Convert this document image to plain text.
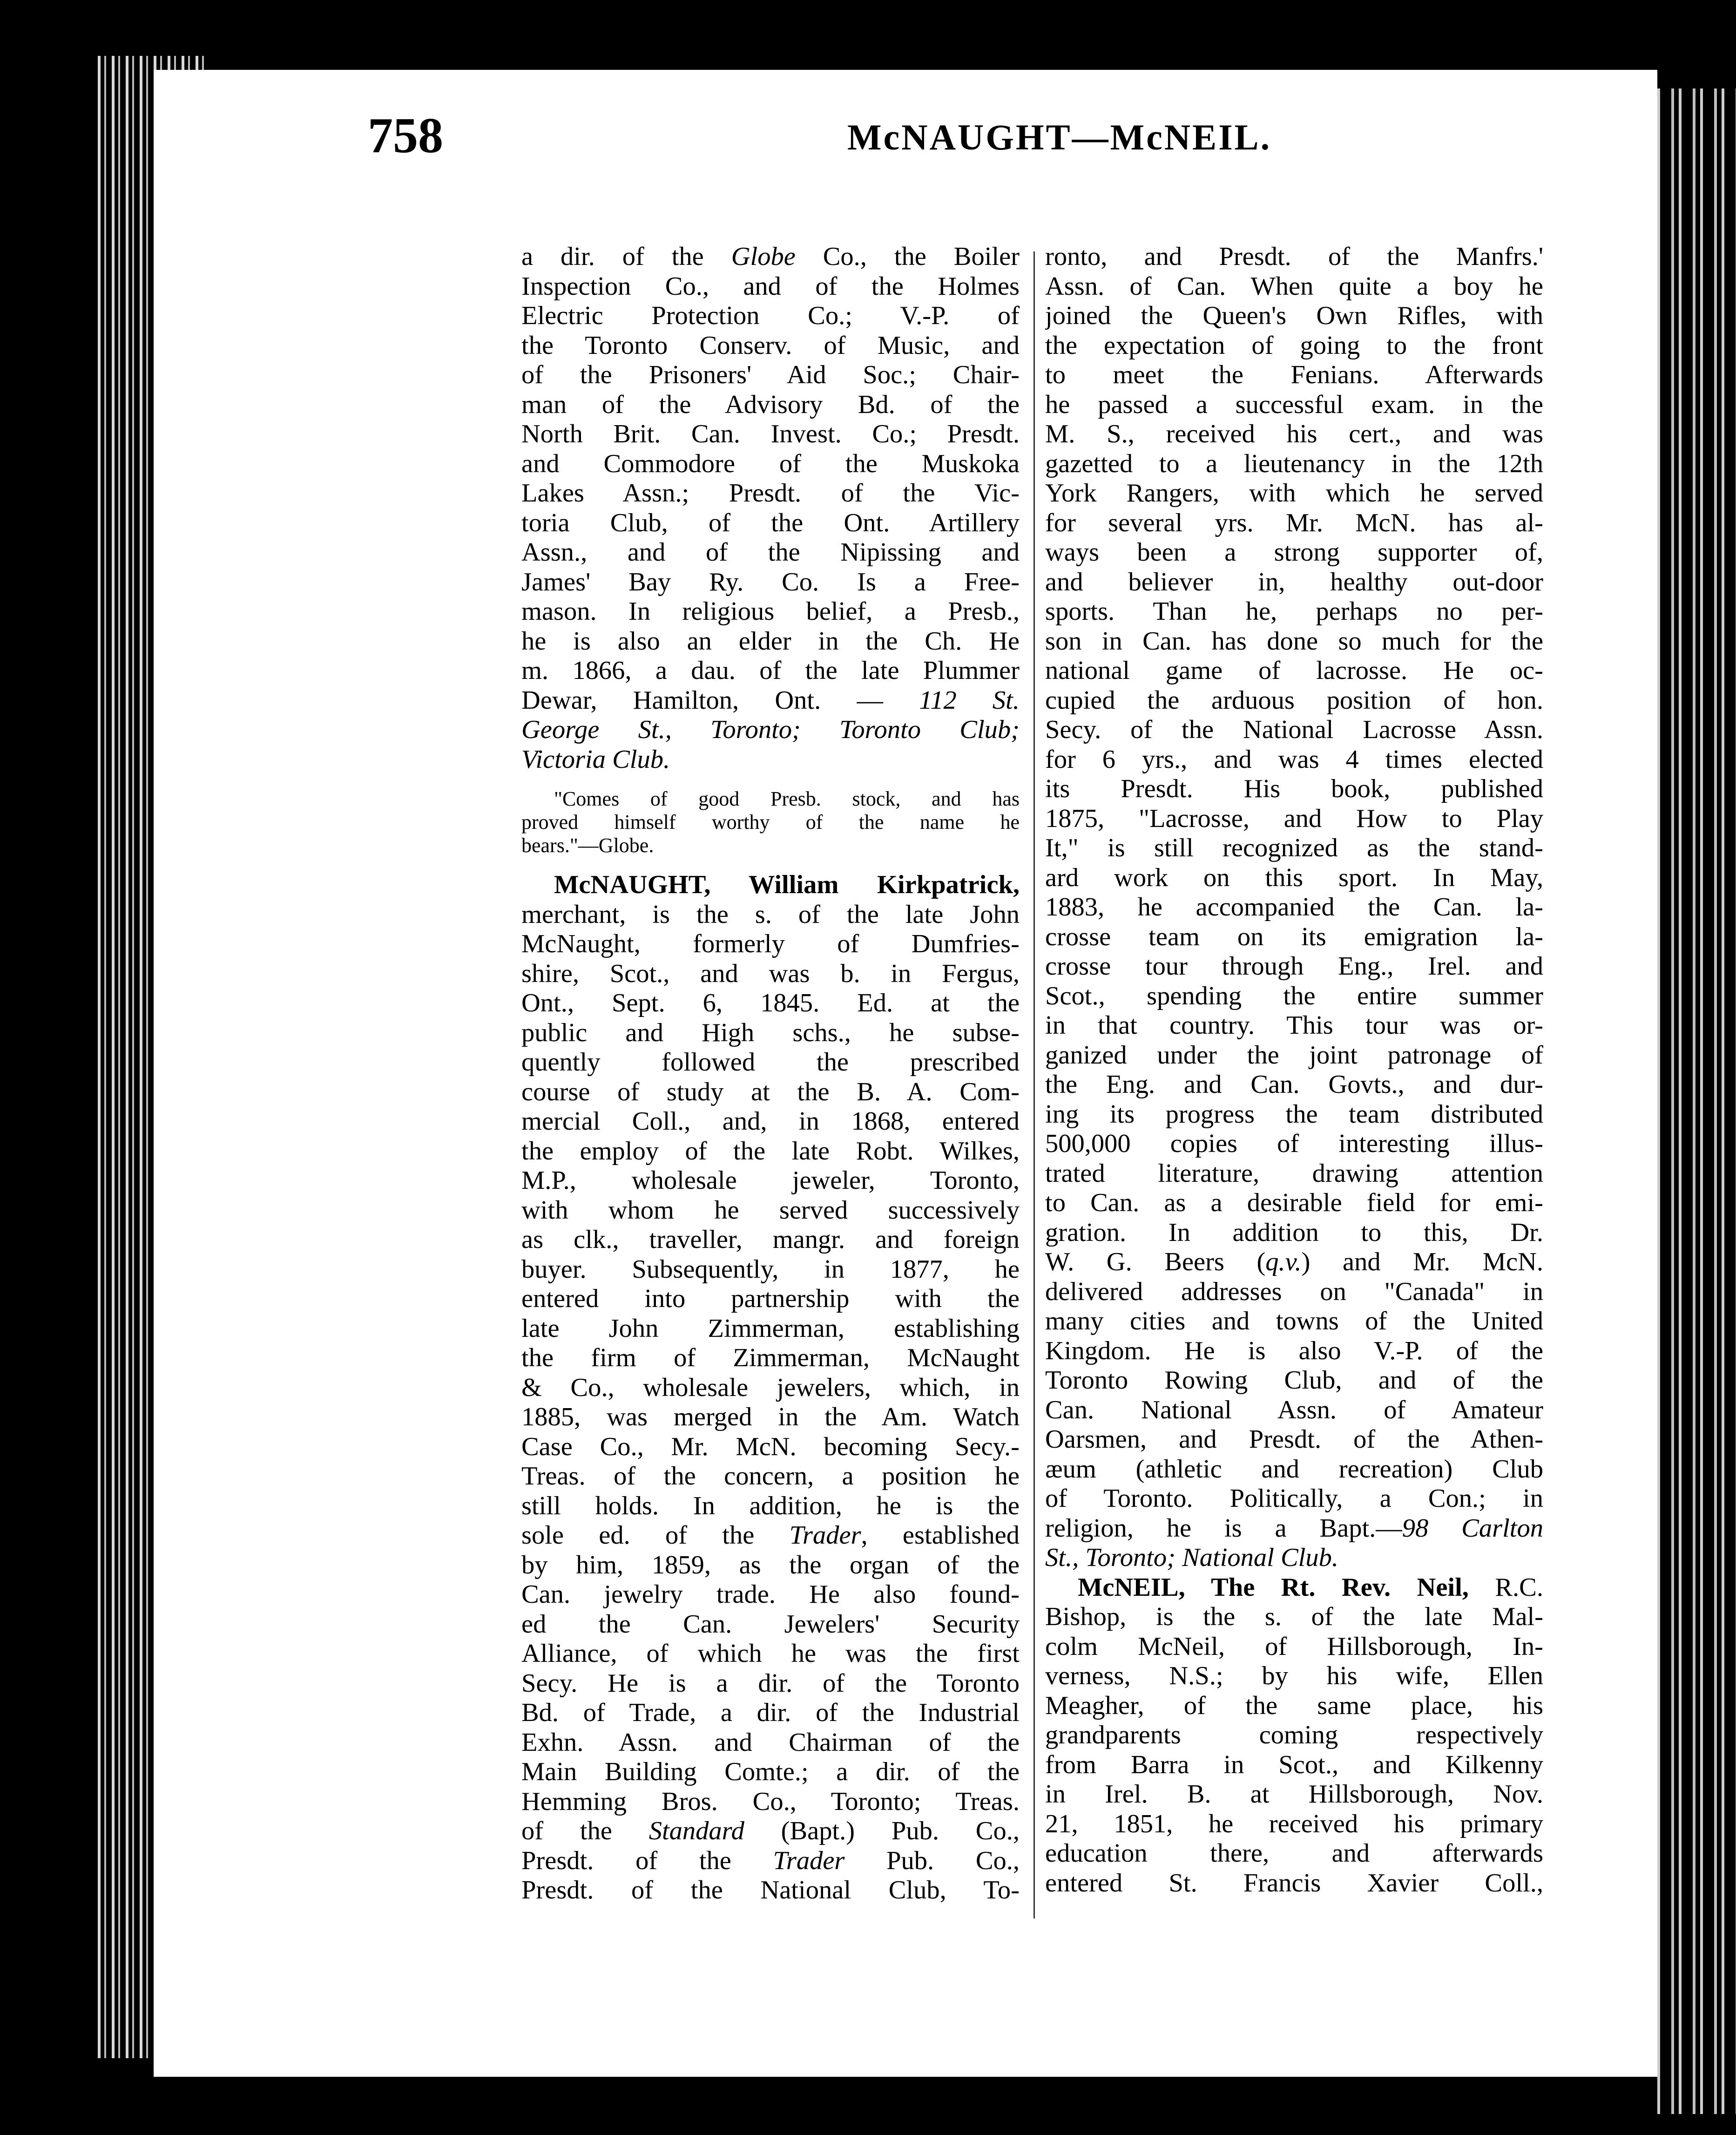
758	McNAUGHT—McNEIL.
a dir. of the Globe Co., the Boiler
Inspection Co., and of the Holmes
Electric Protection Co.; V.-P. of
the Toronto Conserv. of Music, and
of the Prisoners' Aid Soc.; Chair-
man of the Advisory Bd. of the
North Brit. Can. Invest. Co.; Presdt.
and Commodore of the Muskoka
Lakes Assn.; Presdt. of the Vic-
toria Club, of the Ont. Artillery
Assn., and of the Nipissing and
James' Bay Ry. Co. Is a Free-
mason. In religious belief, a Presb.,
he is also an elder in the Ch. He
m. 1866, a dau. of the late Plummer
Dewar, Hamilton, Ont. — 112 St.
George St., Toronto; Toronto Club;
Victoria Club.
"Comes of good Presb. stock, and has
proved himself worthy of the name he
bears."—Globe.
McNAUGHT, William Kirkpatrick,
merchant, is the s. of the late John
McNaught, formerly of Dumfries-
shire, Scot., and was b. in Fergus,
Ont., Sept. 6, 1845. Ed. at the
public and High schs., he subse-
quently followed the prescribed
course of study at the B. A. Com-
mercial Coll., and, in 1868, entered
the employ of the late Robt. Wilkes,
M.P., wholesale jeweler, Toronto,
with whom he served successively
as clk., traveller, mangr. and foreign
buyer. Subsequently, in 1877, he
entered into partnership with the
late John Zimmerman, establishing
the firm of Zimmerman, McNaught
& Co., wholesale jewelers, which, in
1885, was merged in the Am. Watch
Case Co., Mr. McN. becoming Secy.-
Treas. of the concern, a position he
still holds. In addition, he is the
sole ed. of the Trader, established
by him, 1859, as the organ of the
Can. jewelry trade. He also found-
ed the Can. Jewelers' Security
Alliance, of which he was the first
Secy. He is a dir. of the Toronto
Bd. of Trade, a dir. of the Industrial
Exhn. Assn. and Chairman of the
Main Building Comte.; a dir. of the
Hemming Bros. Co., Toronto; Treas.
of the Standard (Bapt.) Pub. Co.,
Presdt. of the Trader Pub. Co.,
Presdt. of the National Club, To-
ronto, and Presdt. of the Manfrs.'
Assn. of Can. When quite a boy he
joined the Queen's Own Rifles, with
the expectation of going to the front
to meet the Fenians. Afterwards
he passed a successful exam. in the
M. S., received his cert., and was
gazetted to a lieutenancy in the 12th
York Rangers, with which he served
for several yrs. Mr. McN. has al-
ways been a strong supporter of,
and believer in, healthy out-door
sports. Than he, perhaps no per-
son in Can. has done so much for the
national game of lacrosse. He oc-
cupied the arduous position of hon.
Secy. of the National Lacrosse Assn.
for 6 yrs., and was 4 times elected
its Presdt. His book, published
1875, "Lacrosse, and How to Play
It," is still recognized as the stand-
ard work on this sport. In May,
1883, he accompanied the Can. la-
crosse team on its emigration la-
crosse tour through Eng., Irel. and
Scot., spending the entire summer
in that country. This tour was or-
ganized under the joint patronage of
the Eng. and Can. Govts., and dur-
ing its progress the team distributed
500,000 copies of interesting illus-
trated literature, drawing attention
to Can. as a desirable field for emi-
gration. In addition to this, Dr.
W. G. Beers (q.v.) and Mr. McN.
delivered addresses on "Canada" in
many cities and towns of the United
Kingdom. He is also V.-P. of the
Toronto Rowing Club, and of the
Can. National Assn. of Amateur
Oarsmen, and Presdt. of the Athen-
æum (athletic and recreation) Club
of Toronto. Politically, a Con.; in
religion, he is a Bapt.—98 Carlton
St., Toronto; National Club.
McNEIL, The Rt. Rev. Neil, R.C.
Bishop, is the s. of the late Mal-
colm McNeil, of Hillsborough, In-
verness, N.S.; by his wife, Ellen
Meagher, of the same place, his
grandparents coming respectively
from Barra in Scot., and Kilkenny
in Irel. B. at Hillsborough, Nov.
21, 1851, he received his primary
education there, and afterwards
entered St. Francis Xavier Coll.,
